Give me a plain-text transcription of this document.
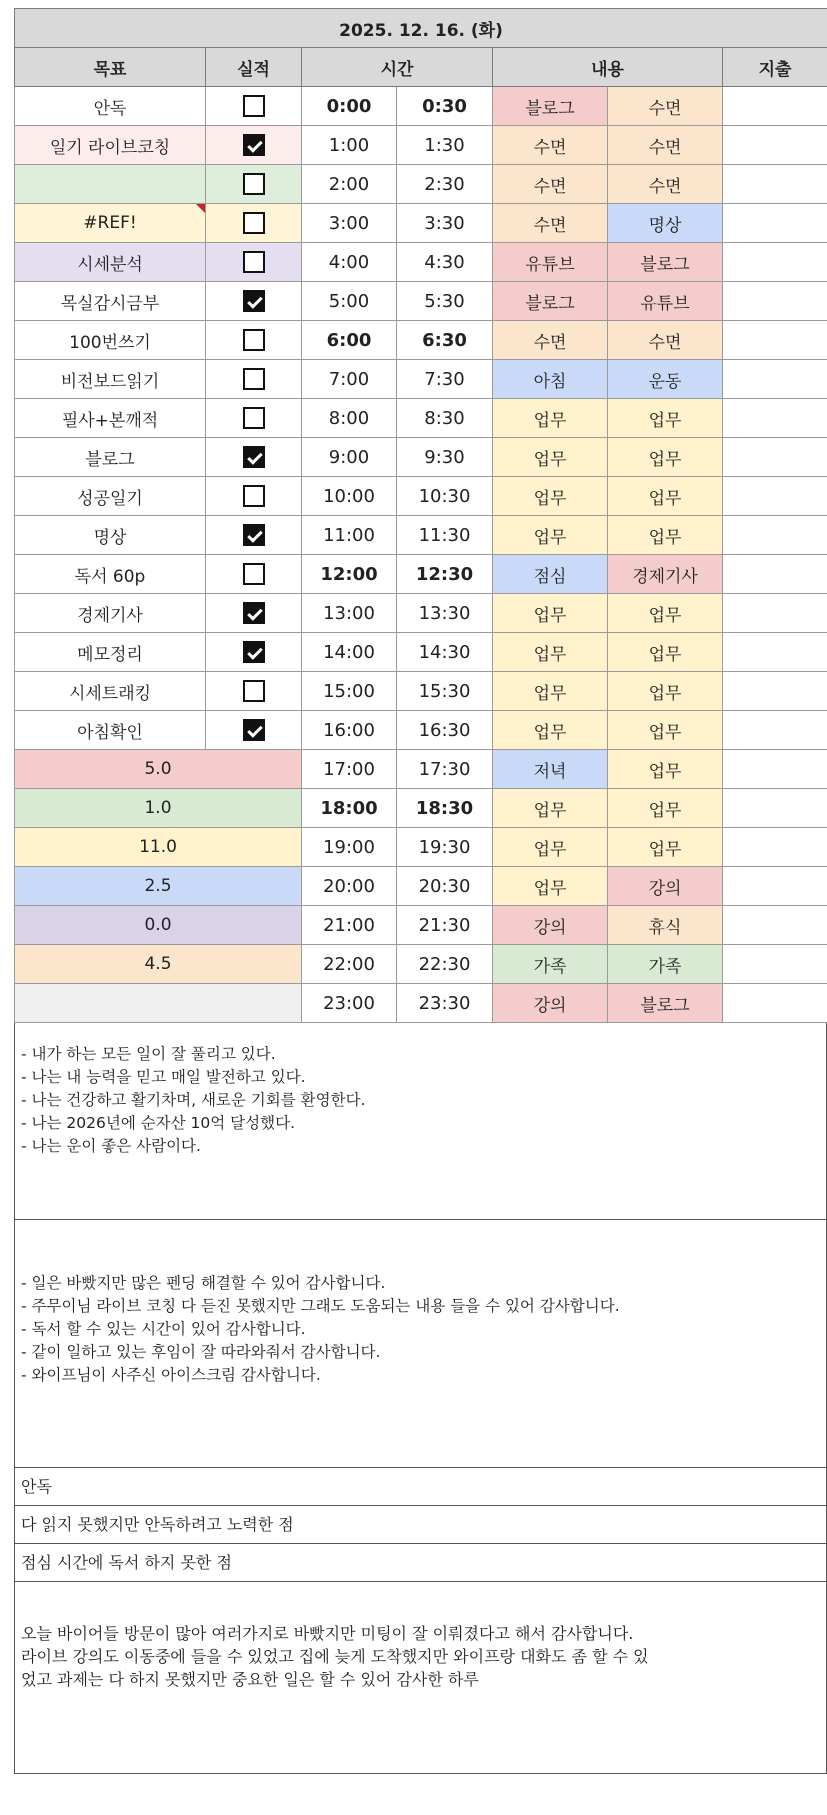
2025. 12. 16. (화)						
목표	실적	시간		내용		지출
안독		0:00	0:30	블로그	수면	
일기 라이브코칭		1:00	1:30	수면	수면	
		2:00	2:30	수면	수면	
#REF!		3:00	3:30	수면	명상	
시세분석		4:00	4:30	유튜브	블로그	
목실감시금부		5:00	5:30	블로그	유튜브	
100번쓰기		6:00	6:30	수면	수면	
비전보드읽기		7:00	7:30	아침	운동	
필사+본깨적		8:00	8:30	업무	업무	
블로그		9:00	9:30	업무	업무	
성공일기		10:00	10:30	업무	업무	
명상		11:00	11:30	업무	업무	
독서 60p		12:00	12:30	점심	경제기사	
경제기사		13:00	13:30	업무	업무	
메모정리		14:00	14:30	업무	업무	
시세트래킹		15:00	15:30	업무	업무	
아침확인		16:00	16:30	업무	업무	
5.0		17:00	17:30	저녁	업무	
1.0		18:00	18:30	업무	업무	
11.0		19:00	19:30	업무	업무	
2.5		20:00	20:30	업무	강의	
0.0		21:00	21:30	강의	휴식	
4.5		22:00	22:30	가족	가족	
		23:00	23:30	강의	블로그	
- 내가 하는 모든 일이 잘 풀리고 있다.
- 나는 내 능력을 믿고 매일 발전하고 있다.
- 나는 건강하고 활기차며, 새로운 기회를 환영한다.
- 나는 2026년에 순자산 10억 달성했다.
- 나는 운이 좋은 사람이다.
- 일은 바빴지만 많은 펜딩 해결할 수 있어 감사합니다.
- 주무이님 라이브 코칭 다 듣진 못했지만 그래도 도움되는 내용 들을 수 있어 감사합니다.
- 독서 할 수 있는 시간이 있어 감사합니다.
- 같이 일하고 있는 후임이 잘 따라와줘서 감사합니다.
- 와이프님이 사주신 아이스크림 감사합니다.
안독
다 읽지 못했지만 안독하려고 노력한 점
점심 시간에 독서 하지 못한 점
오늘 바이어들 방문이 많아 여러가지로 바빴지만 미팅이 잘 이뤄졌다고 해서 감사합니다.
라이브 강의도 이동중에 들을 수 있었고 집에 늦게 도착했지만 와이프랑 대화도 좀 할 수 있
었고 과제는 다 하지 못했지만 중요한 일은 할 수 있어 감사한 하루
